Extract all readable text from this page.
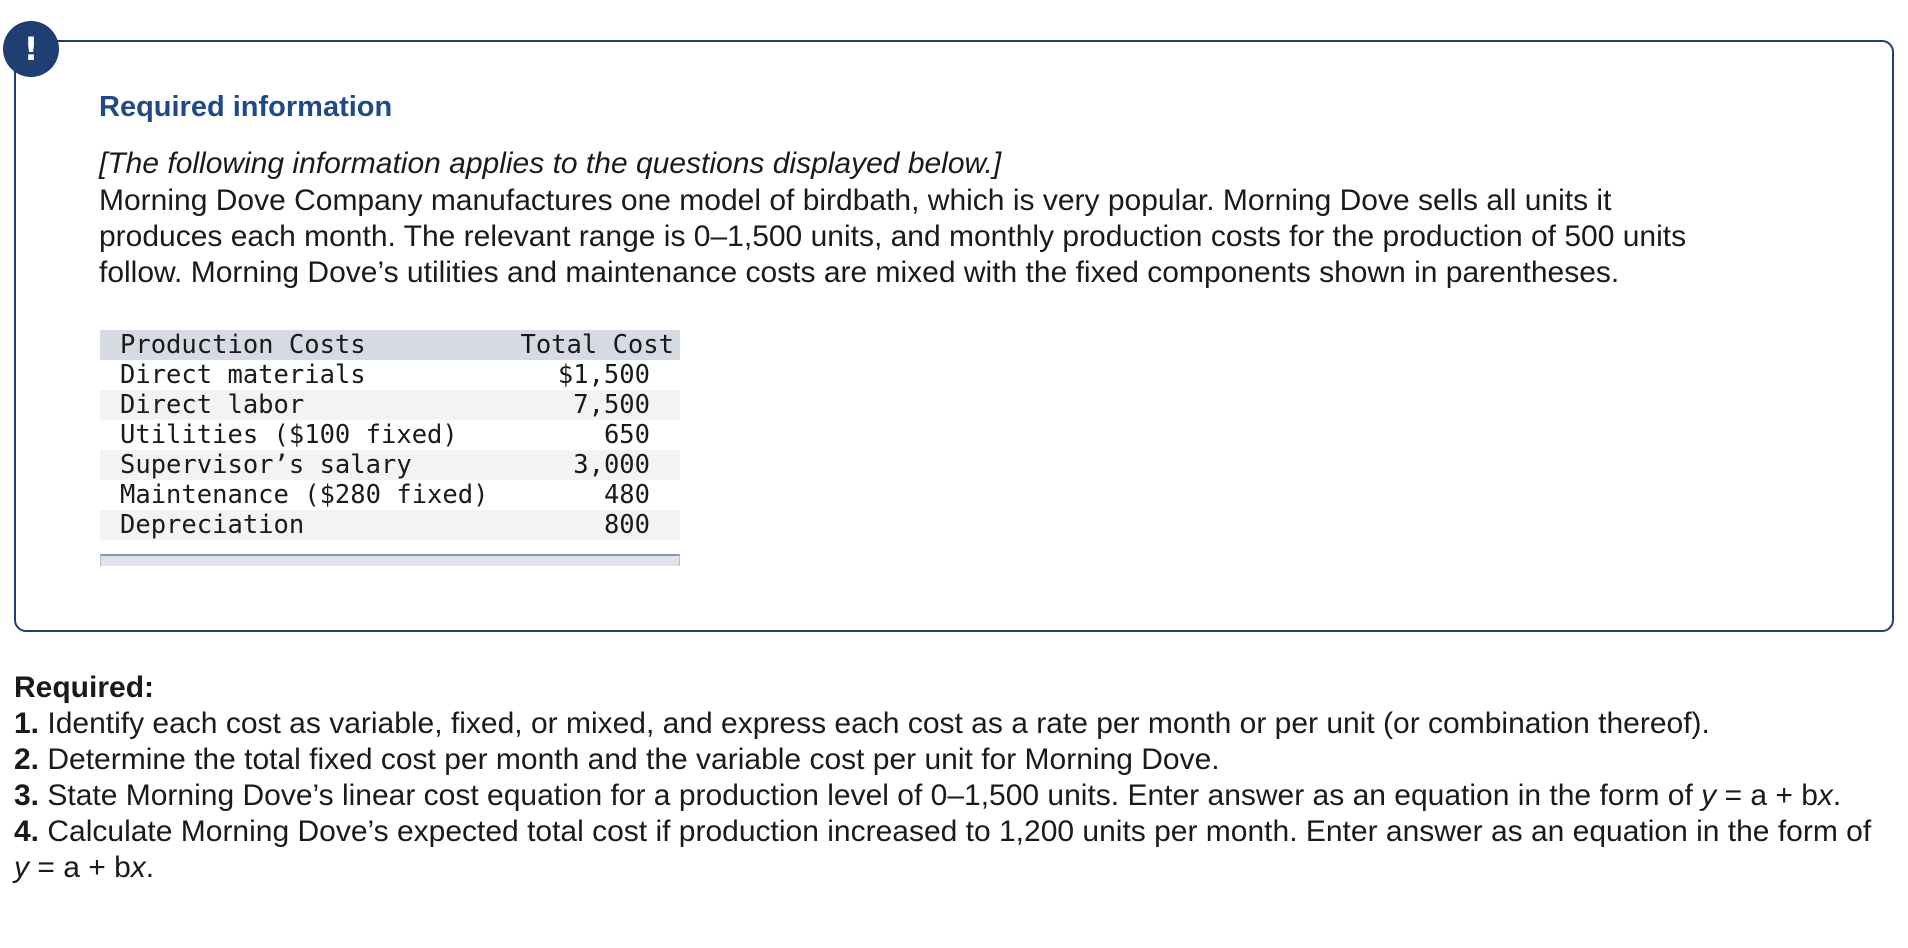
!
Required information
[The following information applies to the questions displayed below.]
Morning Dove Company manufactures one model of birdbath, which is very popular. Morning Dove sells all units it
produces each month. The relevant range is 0–1,500 units, and monthly production costs for the production of 500 units
follow. Morning Dove’s utilities and maintenance costs are mixed with the fixed components shown in parentheses.
Production Costs	Total Cost
Direct materials	$1,500
Direct labor	7,500
Utilities ($100 fixed)	650
Supervisor’s salary	3,000
Maintenance ($280 fixed)	480
Depreciation	800
Required:
1. Identify each cost as variable, fixed, or mixed, and express each cost as a rate per month or per unit (or combination thereof).
2. Determine the total fixed cost per month and the variable cost per unit for Morning Dove.
3. State Morning Dove’s linear cost equation for a production level of 0–1,500 units. Enter answer as an equation in the form of y = a + bx.
4. Calculate Morning Dove’s expected total cost if production increased to 1,200 units per month. Enter answer as an equation in the form of y = a + bx.
